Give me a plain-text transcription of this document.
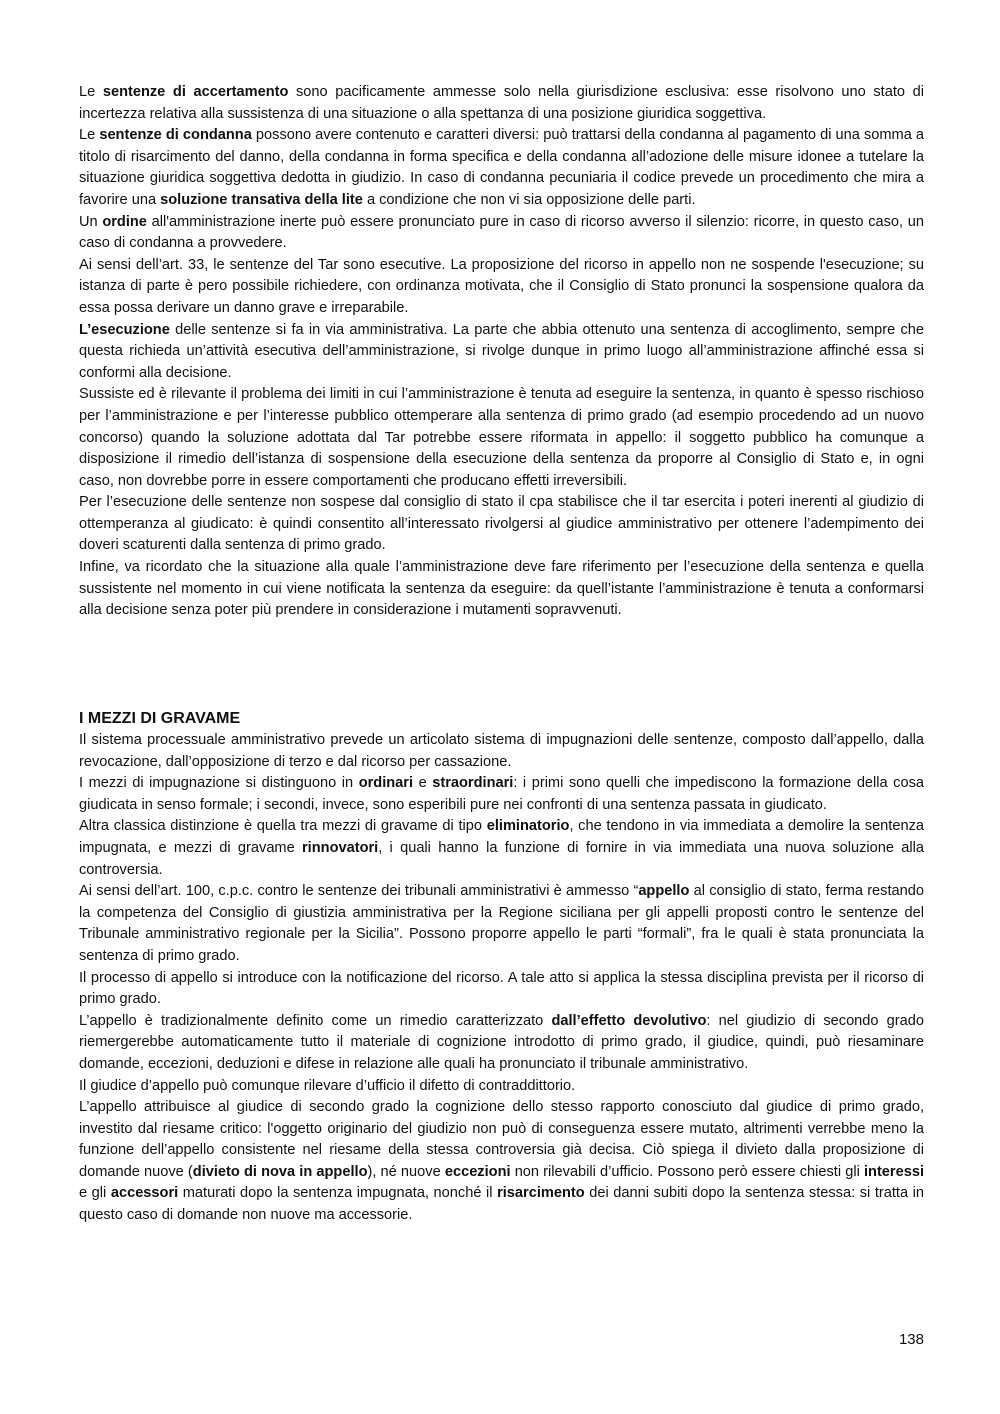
Le sentenze di accertamento sono pacificamente ammesse solo nella giurisdizione esclusiva: esse risolvono uno stato di incertezza relativa alla sussistenza di una situazione o alla spettanza di una posizione giuridica soggettiva.

Le sentenze di condanna possono avere contenuto e caratteri diversi: può trattarsi della condanna al pagamento di una somma a titolo di risarcimento del danno, della condanna in forma specifica e della condanna all’adozione delle misure idonee a tutelare la situazione giuridica soggettiva dedotta in giudizio. In caso di condanna pecuniaria il codice prevede un procedimento che mira a favorire una soluzione transativa della lite a condizione che non vi sia opposizione delle parti.

Un ordine all'amministrazione inerte può essere pronunciato pure in caso di ricorso avverso il silenzio: ricorre, in questo caso, un caso di condanna a provvedere.

Ai sensi dell’art. 33, le sentenze del Tar sono esecutive. La proposizione del ricorso in appello non ne sospende l'esecuzione; su istanza di parte è pero possibile richiedere, con ordinanza motivata, che il Consiglio di Stato pronunci la sospensione qualora da essa possa derivare un danno grave e irreparabile.

L’esecuzione delle sentenze si fa in via amministrativa. La parte che abbia ottenuto una sentenza di accoglimento, sempre che questa richieda un’attività esecutiva dell’amministrazione, si rivolge dunque in primo luogo all’amministrazione affinché essa si conformi alla decisione.

Sussiste ed è rilevante il problema dei limiti in cui l’amministrazione è tenuta ad eseguire la sentenza, in quanto è spesso rischioso per l’amministrazione e per l’interesse pubblico ottemperare alla sentenza di primo grado (ad esempio procedendo ad un nuovo concorso) quando la soluzione adottata dal Tar potrebbe essere riformata in appello: il soggetto pubblico ha comunque a disposizione il rimedio dell’istanza di sospensione della esecuzione della sentenza da proporre al Consiglio di Stato e, in ogni caso, non dovrebbe porre in essere comportamenti che producano effetti irreversibili.

Per l’esecuzione delle sentenze non sospese dal consiglio di stato il cpa stabilisce che il tar esercita i poteri inerenti al giudizio di ottemperanza al giudicato: è quindi consentito all’interessato rivolgersi al giudice amministrativo per ottenere l’adempimento dei doveri scaturenti dalla sentenza di primo grado.

Infine, va ricordato che la situazione alla quale l’amministrazione deve fare riferimento per l’esecuzione della sentenza e quella sussistente nel momento in cui viene notificata la sentenza da eseguire: da quell’istante l’amministrazione è tenuta a conformarsi alla decisione senza poter più prendere in considerazione i mutamenti sopravvenuti.

I MEZZI DI GRAVAME

Il sistema processuale amministrativo prevede un articolato sistema di impugnazioni delle sentenze, composto dall’appello, dalla revocazione, dall’opposizione di terzo e dal ricorso per cassazione.

I mezzi di impugnazione si distinguono in ordinari e straordinari: i primi sono quelli che impediscono la formazione della cosa giudicata in senso formale; i secondi, invece, sono esperibili pure nei confronti di una sentenza passata in giudicato.

Altra classica distinzione è quella tra mezzi di gravame di tipo eliminatorio, che tendono in via immediata a demolire la sentenza impugnata, e mezzi di gravame rinnovatori, i quali hanno la funzione di fornire in via immediata una nuova soluzione alla controversia.

Ai sensi dell’art. 100, c.p.c. contro le sentenze dei tribunali amministrativi è ammesso “appello al consiglio di stato, ferma restando la competenza del Consiglio di giustizia amministrativa per la Regione siciliana per gli appelli proposti contro le sentenze del Tribunale amministrativo regionale per la Sicilia”. Possono proporre appello le parti “formali”, fra le quali è stata pronunciata la sentenza di primo grado.

Il processo di appello si introduce con la notificazione del ricorso. A tale atto si applica la stessa disciplina prevista per il ricorso di primo grado.

L’appello è tradizionalmente definito come un rimedio caratterizzato dall’effetto devolutivo: nel giudizio di secondo grado riemergerebbe automaticamente tutto il materiale di cognizione introdotto di primo grado, il giudice, quindi, può riesaminare domande, eccezioni, deduzioni e difese in relazione alle quali ha pronunciato il tribunale amministrativo.

Il giudice d’appello può comunque rilevare d’ufficio il difetto di contraddittorio.

L’appello attribuisce al giudice di secondo grado la cognizione dello stesso rapporto conosciuto dal giudice di primo grado, investito dal riesame critico: l'oggetto originario del giudizio non può di conseguenza essere mutato, altrimenti verrebbe meno la funzione dell’appello consistente nel riesame della stessa controversia già decisa. Ciò spiega il divieto dalla proposizione di domande nuove (divieto di nova in appello), né nuove eccezioni non rilevabili d’ufficio. Possono però essere chiesti gli interessi e gli accessori maturati dopo la sentenza impugnata, nonché il risarcimento dei danni subiti dopo la sentenza stessa: si tratta in questo caso di domande non nuove ma accessorie.

138
